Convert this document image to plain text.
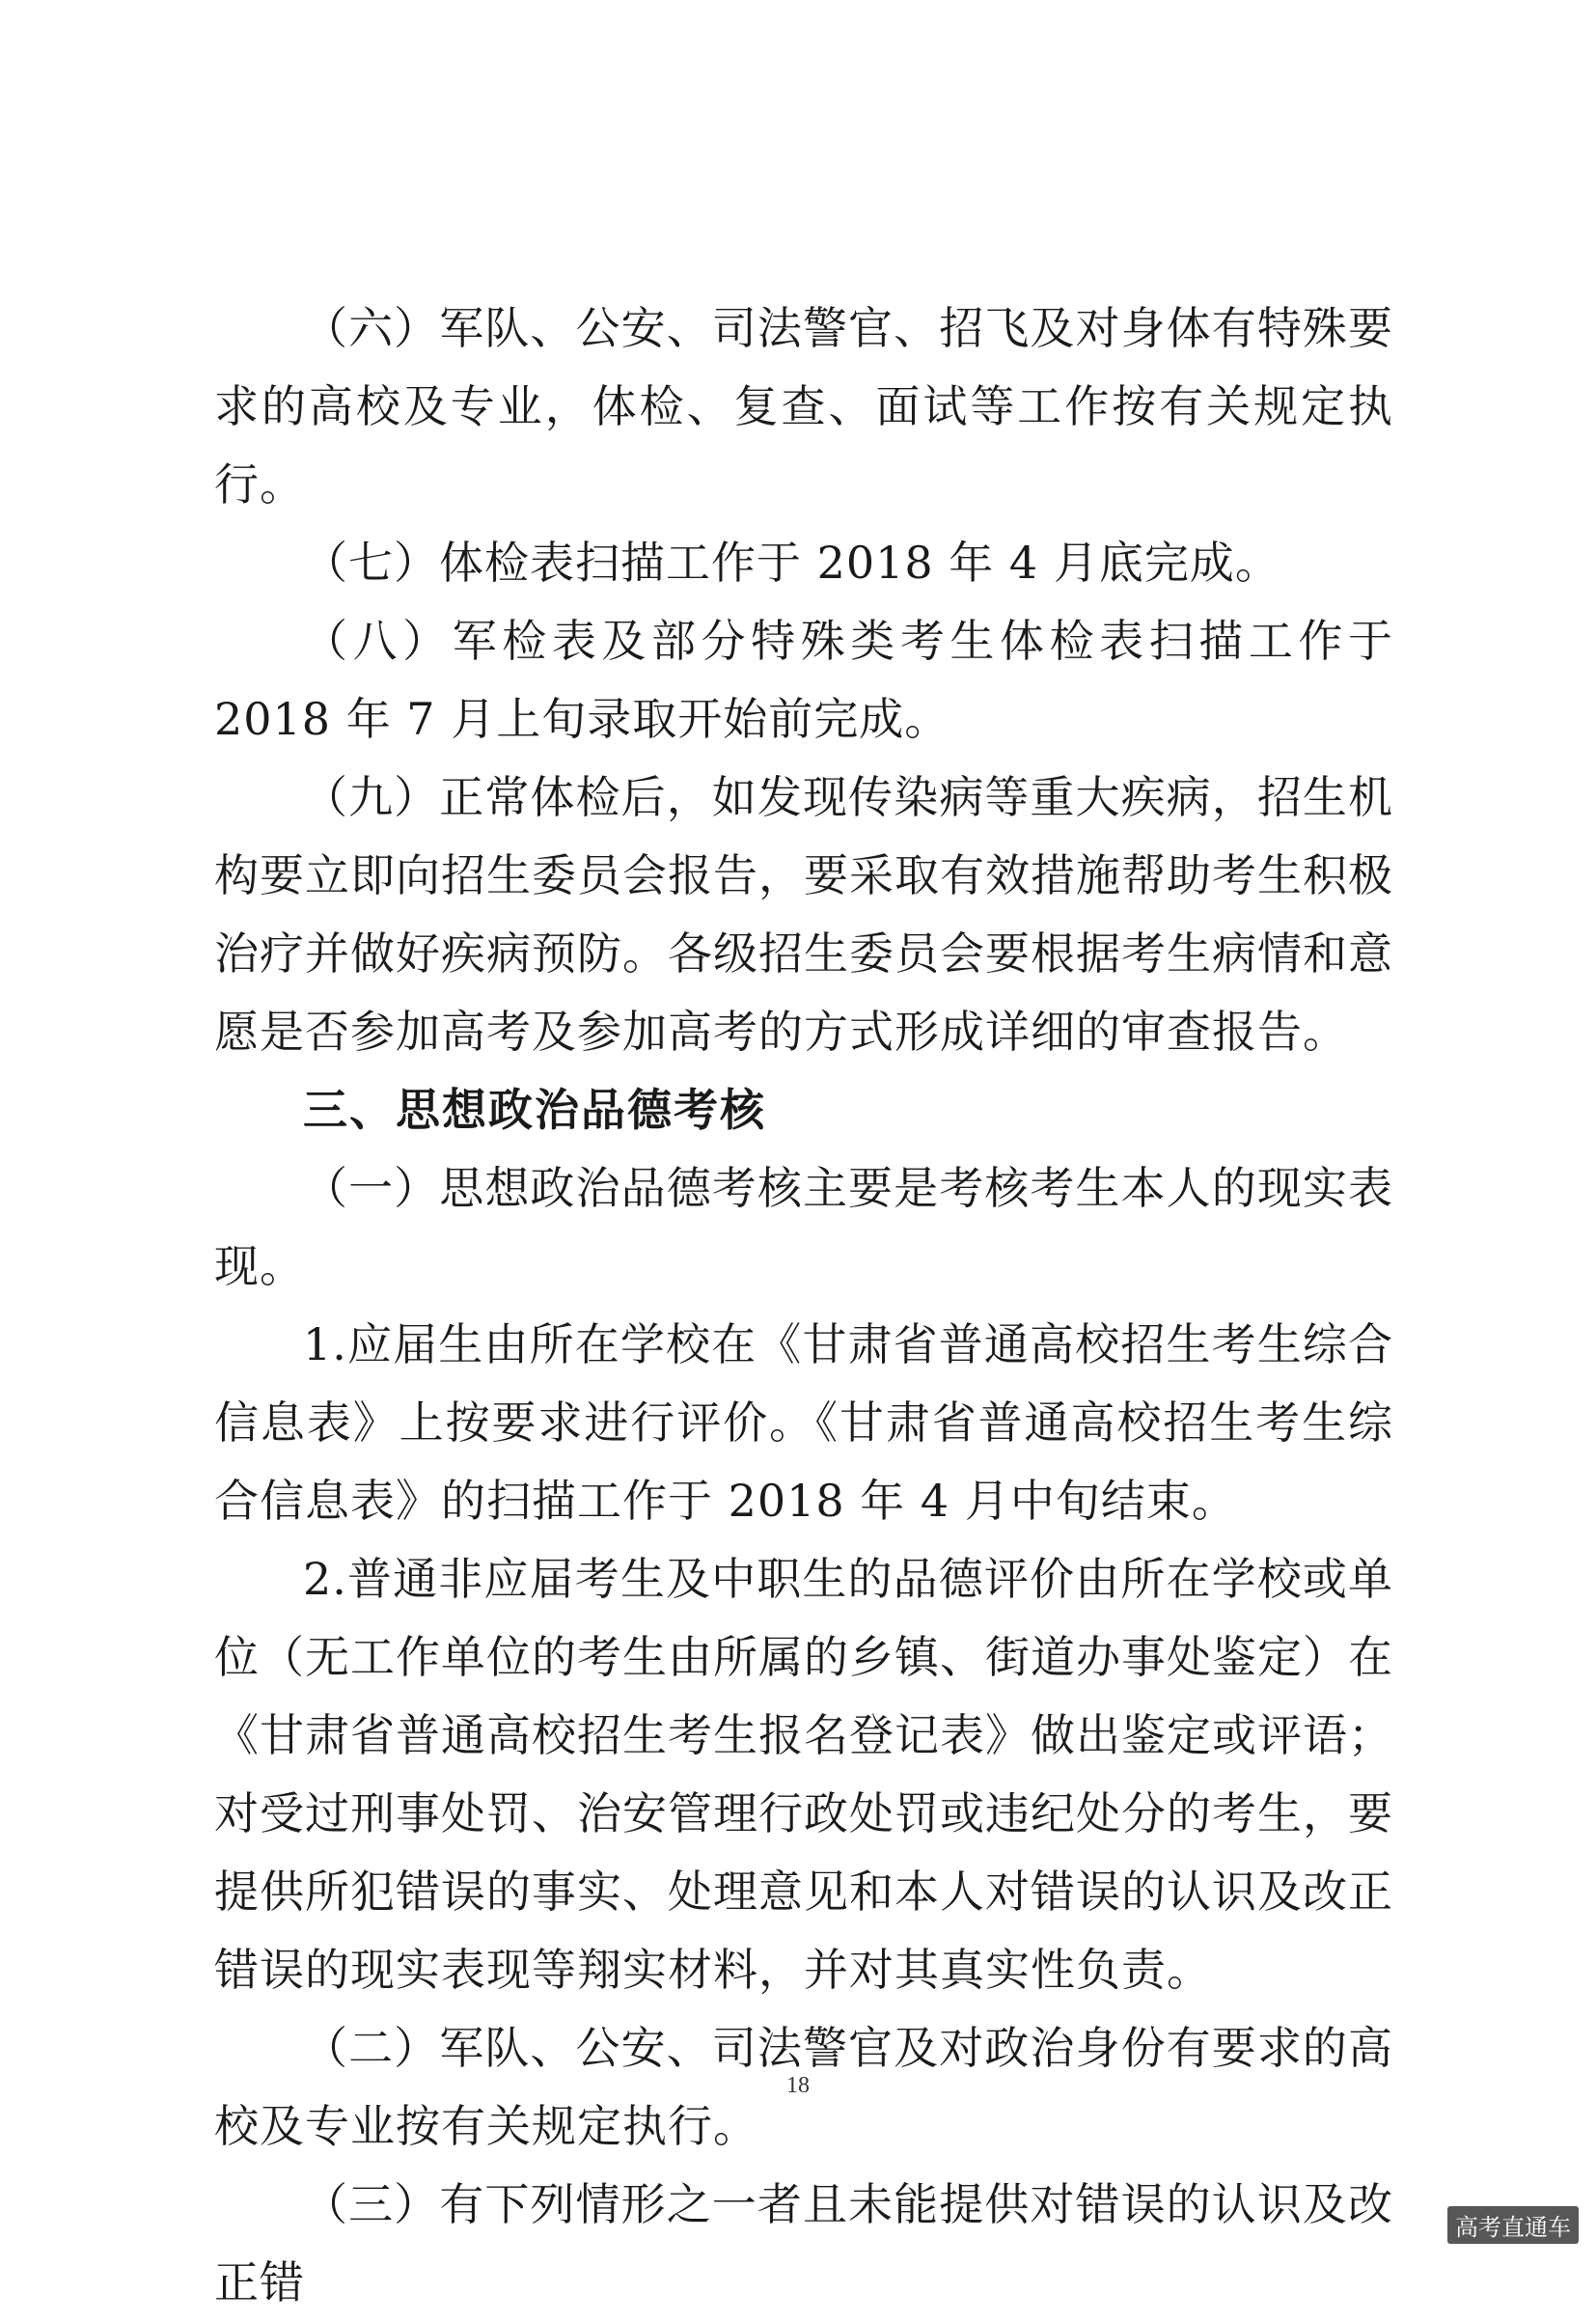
（六）军队、公安、司法警官、招飞及对身体有特殊要求的高校及专业，体检、复查、面试等工作按有关规定执行。

（七）体检表扫描工作于 2018 年 4 月底完成。

（八）军检表及部分特殊类考生体检表扫描工作于 2018 年 7 月上旬录取开始前完成。

（九）正常体检后，如发现传染病等重大疾病，招生机构要立即向招生委员会报告，要采取有效措施帮助考生积极治疗并做好疾病预防。各级招生委员会要根据考生病情和意愿是否参加高考及参加高考的方式形成详细的审查报告。

三、思想政治品德考核

（一）思想政治品德考核主要是考核考生本人的现实表现。

1.应届生由所在学校在《甘肃省普通高校招生考生综合信息表》上按要求进行评价。《甘肃省普通高校招生考生综合信息表》的扫描工作于 2018 年 4 月中旬结束。

2.普通非应届考生及中职生的品德评价由所在学校或单位（无工作单位的考生由所属的乡镇、街道办事处鉴定）在《甘肃省普通高校招生考生报名登记表》做出鉴定或评语；对受过刑事处罚、治安管理行政处罚或违纪处分的考生，要提供所犯错误的事实、处理意见和本人对错误的认识及改正错误的现实表现等翔实材料，并对其真实性负责。

（二）军队、公安、司法警官及对政治身份有要求的高校及专业按有关规定执行。

（三）有下列情形之一者且未能提供对错误的认识及改正错

18
高考直通车
